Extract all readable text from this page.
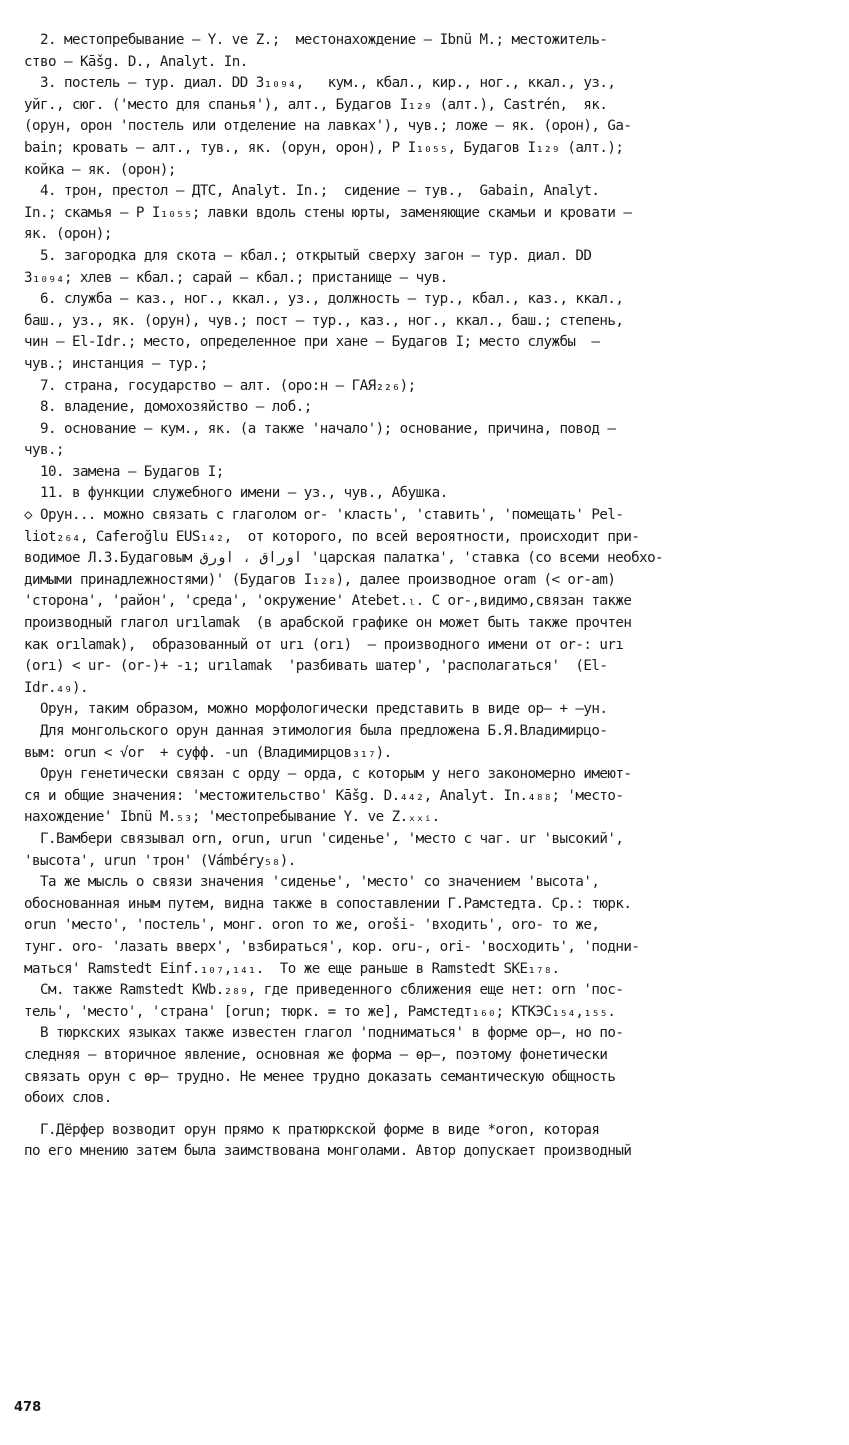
2. местопребывание – Y. ve Z.;  местонахождение – Ibnü M.; местожитель-
ство – Kāšg. D., Analyt. In.
3. постель – тур. диал. DD 3₁₀₉₄,   кум., кбал., кир., ног., ккал., уз.,
уйг., сюг. ('место для спанья'), алт., Будагов I₁₂₉ (алт.), Castrén,  як.
(орун, орон 'постель или отделение на лавках'), чув.; ложе – як. (орон), Ga-
bain; кровать – алт., тув., як. (орун, орон), Р I₁₀₅₅, Будагов I₁₂₉ (алт.);
койка – як. (орон);
4. трон, престол – ДТС, Analyt. In.;  сидение – тув.,  Gabain, Analyt.
In.; скамья – Р I₁₀₅₅; лавки вдоль стены юрты, заменяющие скамьи и кровати –
як. (орон);
5. загородка для скота – кбал.; открытый сверху загон – тур. диал. DD
3₁₀₉₄; хлев – кбал.; сарай – кбал.; пристанище – чув.
6. служба – каз., ног., ккал., уз., должность – тур., кбал., каз., ккал.,
баш., уз., як. (орун), чув.; пост – тур., каз., ног., ккал., баш.; степень,
чин – El-Idr.; место, определенное при хане – Будагов I; место службы  –
чув.; инстанция – тур.;
7. страна, государство – алт. (оро:н – ГАЯ₂₂₆);
8. владение, домохозяйство – лоб.;
9. основание – кум., як. (а также 'начало'); основание, причина, повод –
чув.;
10. замена – Будагов I;
11. в функции служебного имени – уз., чув., Абушка.
◇ Орун... можно связать с глаголом or- 'класть', 'ставить', 'помещать' Pel-
liot₂₆₄, Caferoğlu EUS₁₄₂,  от которого, по всей вероятности, происходит при-
водимое Л.З.Будаговым اوراق ، اورق 'царская палатка', 'ставка (со всеми необхо-
димыми принадлежностями)' (Будагов I₁₂₈), далее производное oram (< or-am)
'сторона', 'район', 'среда', 'окружение' Atebet.ₗ. С or-,видимо,связан также
производный глагол urılamak  (в арабской графике он может быть также прочтен
как orılamak),  образованный от urı (orı)  – производного имени от or-: urı
(orı) < ur- (or-)+ -ı; urılamak  'разбивать шатер', 'располагаться'  (El-
Idr.₄₉).
Орун, таким образом, можно морфологически представить в виде ор– + –ун.
Для монгольского орун данная этимология была предложена Б.Я.Владимирцо-
вым: orun < √or  + суфф. -un (Владимирцов₃₁₇).
Орун генетически связан с орду – орда, с которым у него закономерно имеют-
ся и общие значения: 'местожительство' Kāšg. D.₄₄₂, Analyt. In.₄₈₈; 'место-
нахождение' Ibnü M.₅₃; 'местопребывание Y. ve Z.ₓₓᵢ.
Г.Вамбери связывал orn, orun, urun 'сиденье', 'место с чаг. ur 'высокий',
'высота', urun 'трон' (Vámbéry₅₈).
Та же мысль о связи значения 'сиденье', 'место' со значением 'высота',
обоснованная иным путем, видна также в сопоставлении Г.Рамстедта. Ср.: тюрк.
orun 'место', 'постель', монг. oron то же, oroši- 'входить', oro- то же,
тунг. oro- 'лазать вверх', 'взбираться', кор. oru-, ori- 'восходить', 'подни-
маться' Ramstedt Einf.₁₀₇,₁₄₁.  То же еще раньше в Ramstedt SKE₁₇₈.
См. также Ramstedt KWb.₂₈₉, где приведенного сближения еще нет: orn 'пос-
тель', 'место', 'страна' [orun; тюрк. = то же], Рамстедт₁₆₀; КТКЭС₁₅₄,₁₅₅.
В тюркских языках также известен глагол 'подниматься' в форме ор–, но по-
следняя – вторичное явление, основная же форма – өр–, поэтому фонетически
связать орун с өр– трудно. Не менее трудно доказать семантическую общность
обоих слов.
Г.Дёрфер возводит орун прямо к пратюркской форме в виде *oron, которая
по его мнению затем была заимствована монголами. Автор допускает производный
478
